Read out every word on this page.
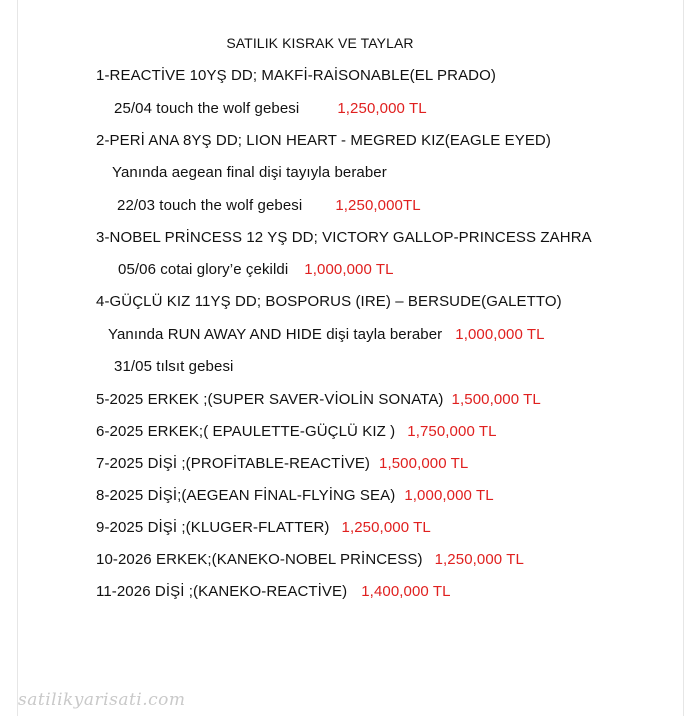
SATILIK KISRAK VE TAYLAR
1-REACTİVE 10YŞ DD; MAKFİ-RAİSONABLE(EL PRADO)
25/04 touch the wolf gebesi	1,250,000 TL
2-PERİ ANA 8YŞ DD; LION HEART - MEGRED KIZ(EAGLE EYED)
Yanında aegean final dişi tayıyla beraber
22/03 touch the wolf gebesi 1,250,000TL
3-NOBEL PRİNCESS 12 YŞ DD; VICTORY GALLOP-PRINCESS ZAHRA
05/06 cotai glory’e çekildi 1,000,000 TL
4-GÜÇLÜ KIZ 11YŞ DD; BOSPORUS (IRE) – BERSUDE(GALETTO)
Yanında RUN AWAY AND HIDE dişi tayla beraber 1,000,000 TL
31/05 tılsıt gebesi
5-2025 ERKEK ;(SUPER SAVER-VİOLİN SONATA) 1,500,000 TL
6-2025 ERKEK;( EPAULETTE-GÜÇLÜ KIZ ) 1,750,000 TL
7-2025 DİŞİ ;(PROFİTABLE-REACTİVE) 1,500,000 TL
8-2025 DİŞİ;(AEGEAN FİNAL-FLYİNG SEA) 1,000,000 TL
9-2025 DİŞİ ;(KLUGER-FLATTER) 1,250,000 TL
10-2026 ERKEK;(KANEKO-NOBEL PRİNCESS) 1,250,000 TL
11-2026 DİŞİ ;(KANEKO-REACTİVE) 1,400,000 TL
satilikyarisati.com
